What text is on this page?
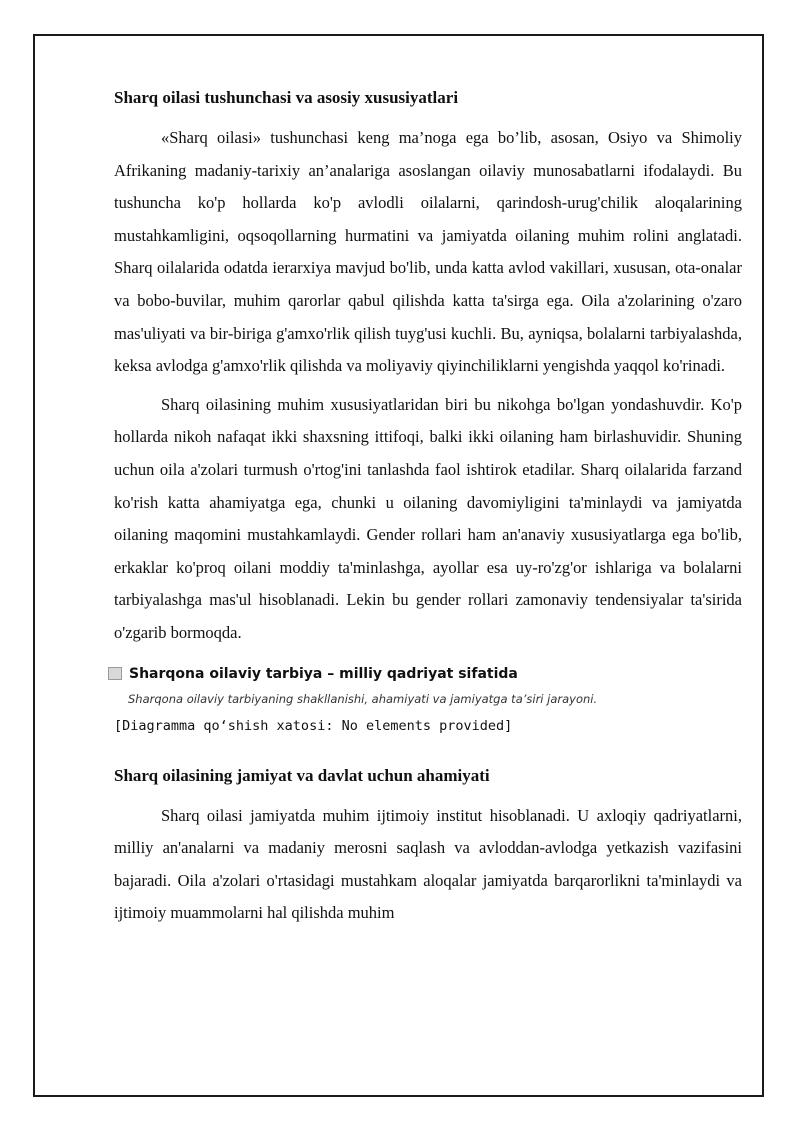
Sharq oilasi tushunchasi va asosiy xususiyatlari

«Sharq oilasi» tushunchasi keng ma’noga ega bo’lib, asosan, Osiyo va Shimoliy Afrikaning madaniy-tarixiy an’analariga asoslangan oilaviy munosabatlarni ifodalaydi. Bu tushuncha ko'p hollarda ko'p avlodli oilalarni, qarindosh-urug'chilik aloqalarining mustahkamligini, oqsoqollarning hurmatini va jamiyatda oilaning muhim rolini anglatadi. Sharq oilalarida odatda ierarxiya mavjud bo'lib, unda katta avlod vakillari, xususan, ota-onalar va bobo-buvilar, muhim qarorlar qabul qilishda katta ta'sirga ega. Oila a'zolarining o'zaro mas'uliyati va bir-biriga g'amxo'rlik qilish tuyg'usi kuchli. Bu, ayniqsa, bolalarni tarbiyalashda, keksa avlodga g'amxo'rlik qilishda va moliyaviy qiyinchiliklarni yengishda yaqqol ko'rinadi.

Sharq oilasining muhim xususiyatlaridan biri bu nikohga bo'lgan yondashuvdir. Ko'p hollarda nikoh nafaqat ikki shaxsning ittifoqi, balki ikki oilaning ham birlashuvidir. Shuning uchun oila a'zolari turmush o'rtog'ini tanlashda faol ishtirok etadilar. Sharq oilalarida farzand ko'rish katta ahamiyatga ega, chunki u oilaning davomiyligini ta'minlaydi va jamiyatda oilaning maqomini mustahkamlaydi. Gender rollari ham an'anaviy xususiyatlarga ega bo'lib, erkaklar ko'proq oilani moddiy ta'minlashga, ayollar esa uy-ro'zg'or ishlariga va bolalarni tarbiyalashga mas'ul hisoblanadi. Lekin bu gender rollari zamonaviy tendensiyalar ta'sirida o'zgarib bormoqda.

Sharqona oilaviy tarbiya – milliy qadriyat sifatida
Sharqona oilaviy tarbiyaning shakllanishi, ahamiyati va jamiyatga ta’siri jarayoni.
[Diagramma qo‘shish xatosi: No elements provided]
Sharq oilasining jamiyat va davlat uchun ahamiyati

Sharq oilasi jamiyatda muhim ijtimoiy institut hisoblanadi. U axloqiy qadriyatlarni, milliy an'analarni va madaniy merosni saqlash va avloddan-avlodga yetkazish vazifasini bajaradi. Oila a'zolari o'rtasidagi mustahkam aloqalar jamiyatda barqarorlikni ta'minlaydi va ijtimoiy muammolarni hal qilishda muhim
